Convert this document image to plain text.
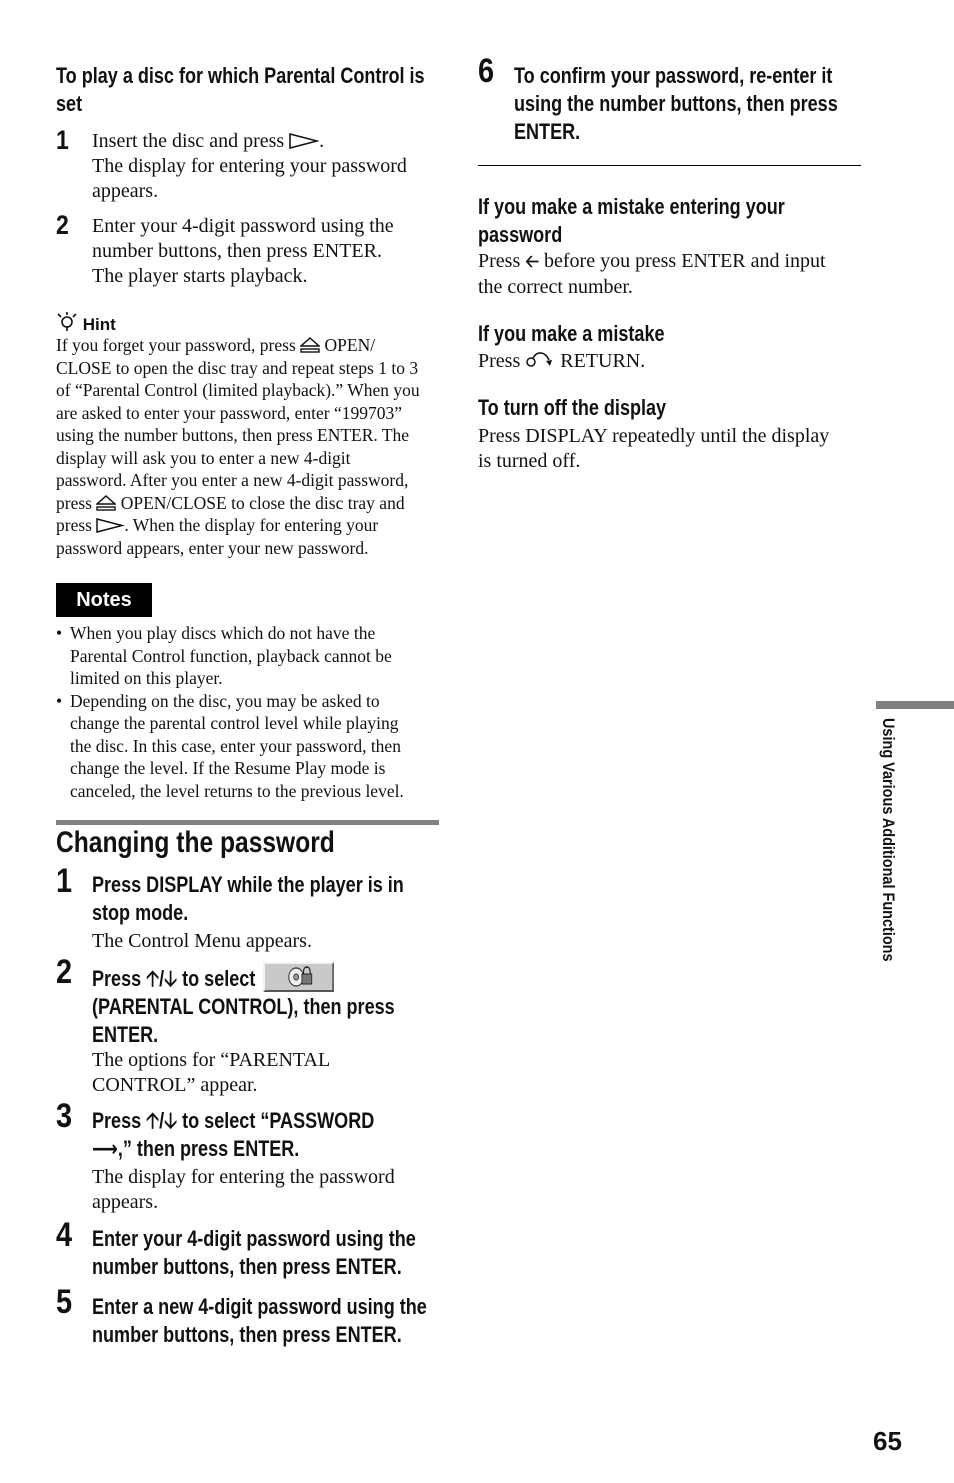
To play a disc for which Parental Control is
set
1 Insert the disc and press .
The display for entering your password
appears.
2 Enter your 4-digit password using the
number buttons, then press ENTER.
The player starts playback.
Hint
If you forget your password, press OPEN/
CLOSE to open the disc tray and repeat steps 1 to 3
of “Parental Control (limited playback).” When you
are asked to enter your password, enter “199703”
using the number buttons, then press ENTER. The
display will ask you to enter a new 4-digit
password. After you enter a new 4-digit password,
press OPEN/CLOSE to close the disc tray and
press . When the display for entering your
password appears, enter your new password.
Notes
• When you play discs which do not have the
Parental Control function, playback cannot be
limited on this player.
• Depending on the disc, you may be asked to
change the parental control level while playing
the disc. In this case, enter your password, then
change the level. If the Resume Play mode is
canceled, the level returns to the previous level.
Changing the password
1 Press DISPLAY while the player is in
stop mode.
The Control Menu appears.
2 Press 🡡/🡣 to select
(PARENTAL CONTROL), then press
ENTER.
The options for “PARENTAL
CONTROL” appear.
3 Press 🡡/🡣 to select “PASSWORD
⟶,” then press ENTER.
The display for entering the password
appears.
4 Enter your 4-digit password using the
number buttons, then press ENTER.
5 Enter a new 4-digit password using the
number buttons, then press ENTER.
6 To confirm your password, re-enter it
using the number buttons, then press
ENTER.
If you make a mistake entering your
password
Press 🡠 before you press ENTER and input
the correct number.
If you make a mistake
Press RETURN.
To turn off the display
Press DISPLAY repeatedly until the display
is turned off.
Using Various Additional Functions
65
